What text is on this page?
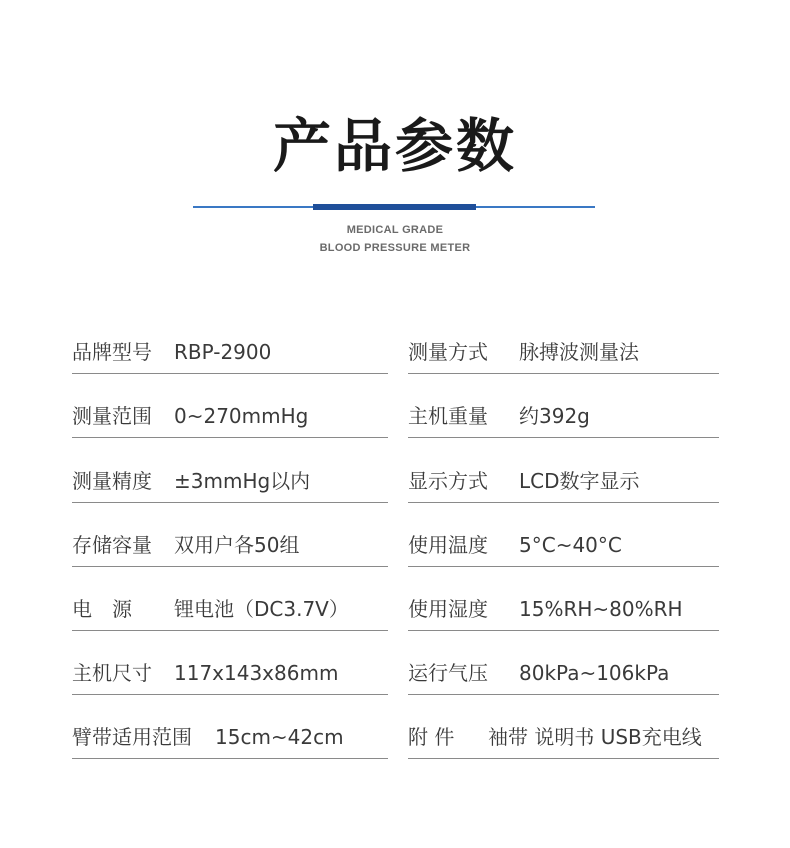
产品参数
MEDICAL GRADE
BLOOD PRESSURE METER
品牌型号 RBP-2900	测量方式 脉搏波测量法
测量范围 0~270mmHg	主机重量 约392g
测量精度 ±3mmHg以内	显示方式 LCD数字显示
存储容量 双用户各50组	使用温度 5°C~40°C
电　源 锂电池（DC3.7V）	使用湿度 15%RH~80%RH
主机尺寸 117x143x86mm	运行气压 80kPa~106kPa
臂带适用范围 15cm~42cm	附 件 袖带 说明书 USB充电线
